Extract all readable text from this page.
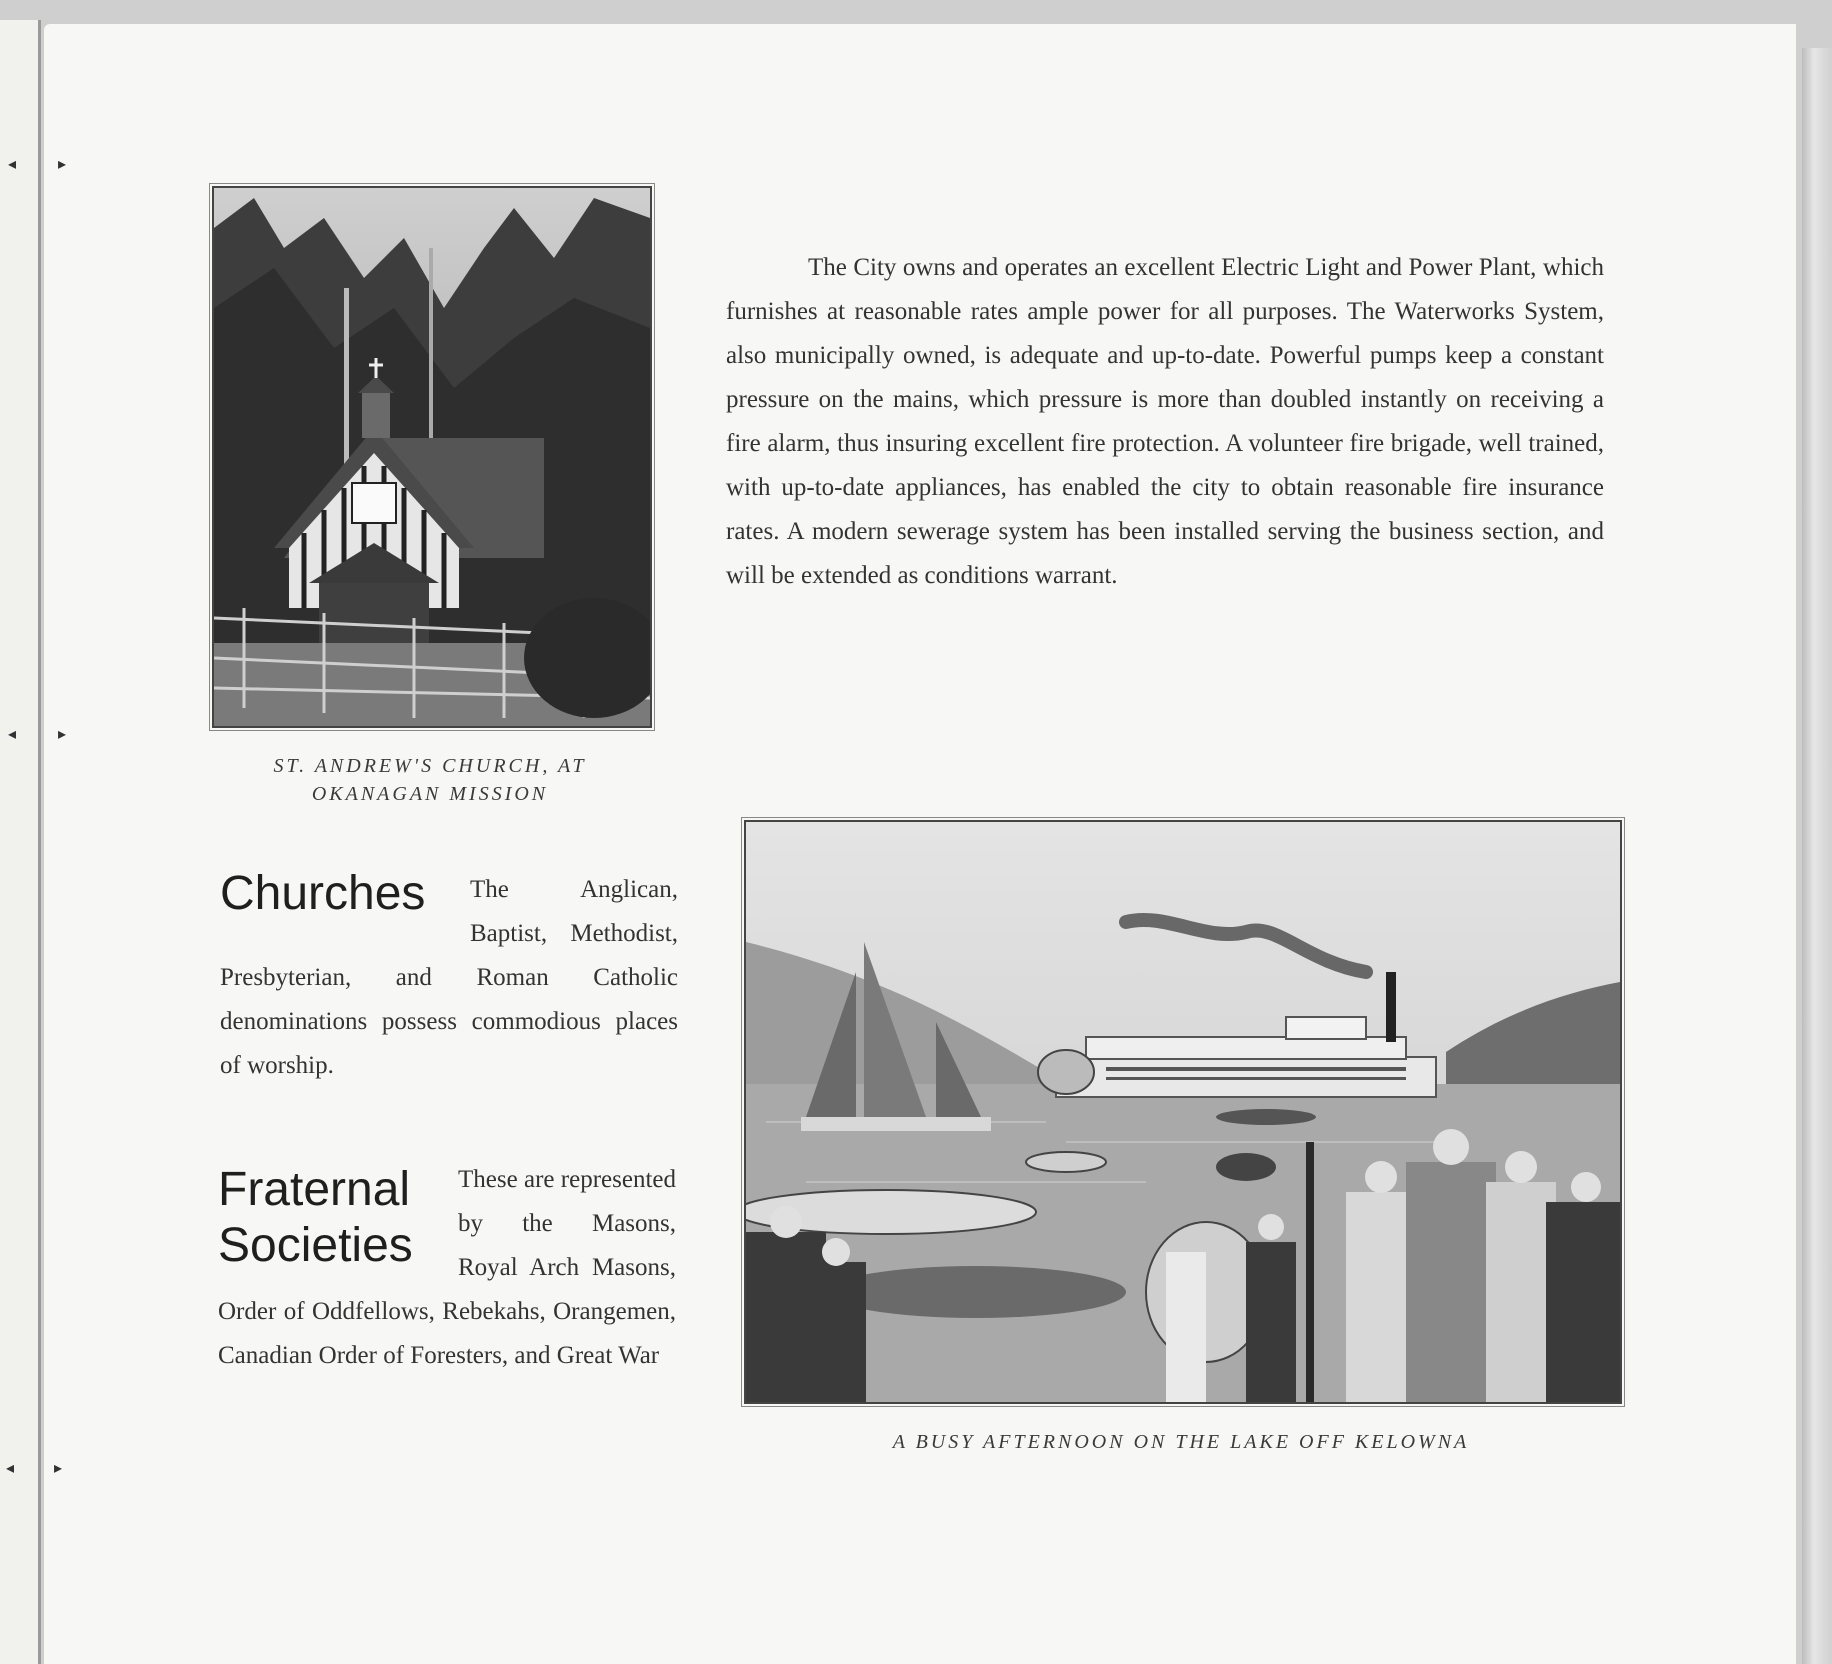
◂	▸
◂	▸
◂ ▸
ST. ANDREW'S CHURCH, AT
OKANAGAN MISSION
The City owns and operates an excellent Electric Light and Power Plant, which furnishes at reasonable rates ample power for all purposes. The Waterworks System, also municipally owned, is adequate and up-to-date. Powerful pumps keep a constant pressure on the mains, which pressure is more than doubled instantly on receiving a fire alarm, thus insuring excellent fire protection. A volunteer fire brigade, well trained, with up-to-date appliances, has enabled the city to obtain reasonable fire insurance rates. A modern sewerage system has been installed serving the business section, and will be extended as conditions warrant.
Churches	The Anglican, Baptist, Methodist, Presbyterian, and Roman Catholic denominations possess commodious places of worship.
Fraternal
Societies
These are represented by the Masons, Royal Arch Masons, Order of Oddfellows, Rebekahs, Orangemen, Canadian Order of Foresters, and Great War
A BUSY AFTERNOON ON THE LAKE OFF KELOWNA
